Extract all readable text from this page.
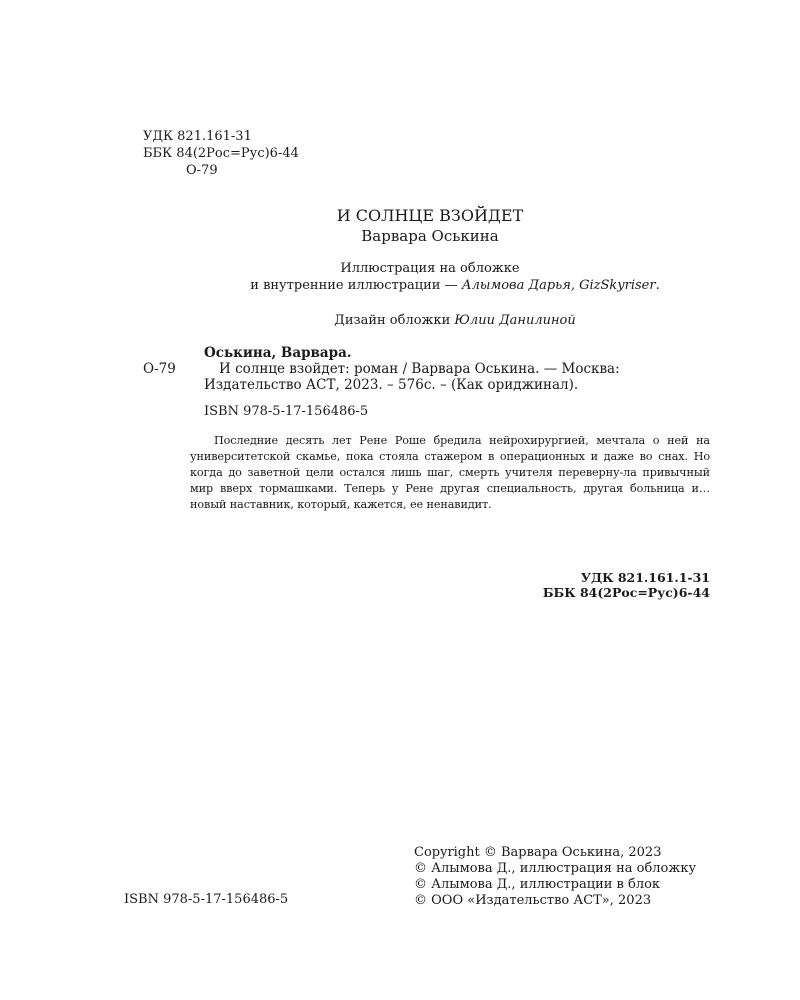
УДК 821.161-31
ББК 84(2Рос=Рус)6-44
О-79
И СОЛНЦЕ ВЗОЙДЕТ
Варвара Оськина
Иллюстрация на обложке
и внутренние иллюстрации — Алымова Дарья, GizSkyriser.
Дизайн обложки Юлии Данилиной
Оськина, Варвара.
О-79	И солнце взойдет: роман / Варвара Оськина. — Москва:
Издательство АСТ, 2023. – 576с. – (Как ориджинал).
ISBN 978-5-17-156486-5
Последние десять лет Рене Роше бредила нейрохирургией, мечтала о ней на университетской скамье, пока стояла стажером в операционных и даже во снах. Но когда до заветной цели остался лишь шаг, смерть учителя переверну-ла привычный мир вверх тормашками. Теперь у Рене другая специальность, другая больница и… новый наставник, который, кажется, ее ненавидит.
УДК 821.161.1-31
ББК 84(2Рос=Рус)6-44
ISBN 978-5-17-156486-5
Copyright © Варвара Оськина, 2023
© Алымова Д., иллюстрация на обложку
© Алымова Д., иллюстрации в блок
© ООО «Издательство АСТ», 2023
